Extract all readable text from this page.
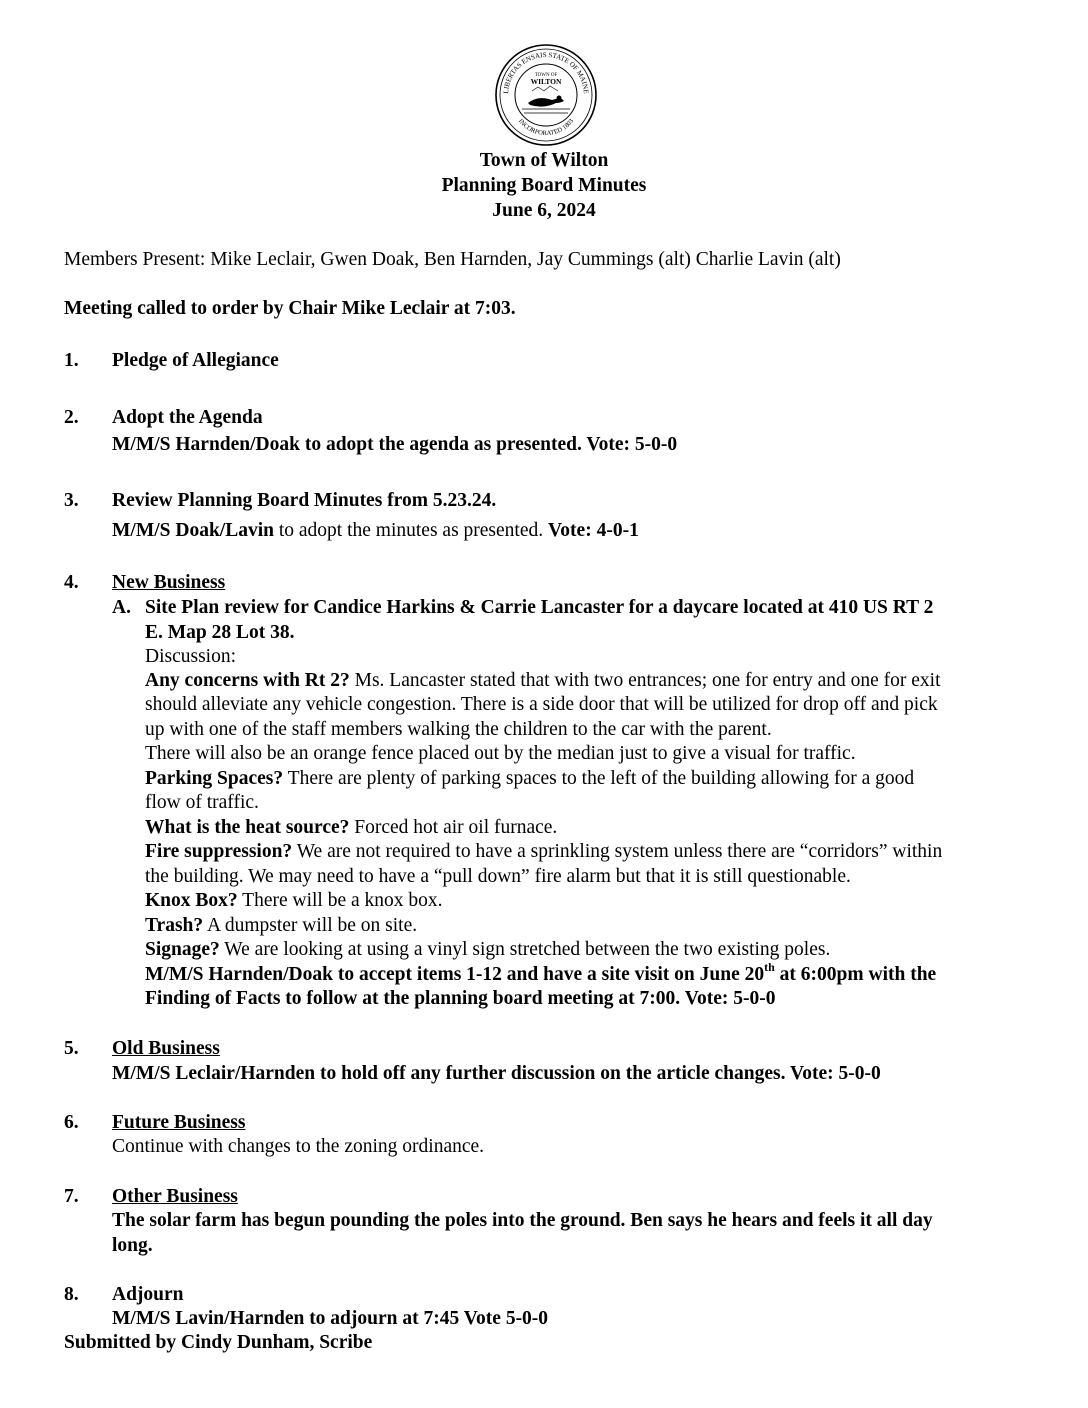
LIBERTAS ENSAIS STATE OF MAINE
INCORPORATED 1803
TOWN OF
WILTON
Town of Wilton
Planning Board Minutes
June 6, 2024
Members Present: Mike Leclair, Gwen Doak, Ben Harnden, Jay Cummings (alt) Charlie Lavin (alt)
Meeting called to order by Chair Mike Leclair at 7:03.
1. Pledge of Allegiance
2. Adopt the Agenda
M/M/S Harnden/Doak to adopt the agenda as presented. Vote: 5-0-0
3. Review Planning Board Minutes from 5.23.24.
M/M/S Doak/Lavin to adopt the minutes as presented. Vote: 4-0-1
4. New Business
A. Site Plan review for Candice Harkins & Carrie Lancaster for a daycare located at 410 US RT 2
E. Map 28 Lot 38.
Discussion:
Any concerns with Rt 2? Ms. Lancaster stated that with two entrances; one for entry and one for exit
should alleviate any vehicle congestion. There is a side door that will be utilized for drop off and pick
up with one of the staff members walking the children to the car with the parent.
There will also be an orange fence placed out by the median just to give a visual for traffic.
Parking Spaces? There are plenty of parking spaces to the left of the building allowing for a good
flow of traffic.
What is the heat source? Forced hot air oil furnace.
Fire suppression? We are not required to have a sprinkling system unless there are “corridors” within
the building. We may need to have a “pull down” fire alarm but that it is still questionable.
Knox Box? There will be a knox box.
Trash? A dumpster will be on site.
Signage? We are looking at using a vinyl sign stretched between the two existing poles.
M/M/S Harnden/Doak to accept items 1-12 and have a site visit on June 20th at 6:00pm with the
Finding of Facts to follow at the planning board meeting at 7:00. Vote: 5-0-0
5. Old Business
M/M/S Leclair/Harnden to hold off any further discussion on the article changes. Vote: 5-0-0
6. Future Business
Continue with changes to the zoning ordinance.
7. Other Business
The solar farm has begun pounding the poles into the ground. Ben says he hears and feels it all day
long.
8. Adjourn
M/M/S Lavin/Harnden to adjourn at 7:45 Vote 5-0-0
Submitted by Cindy Dunham, Scribe
